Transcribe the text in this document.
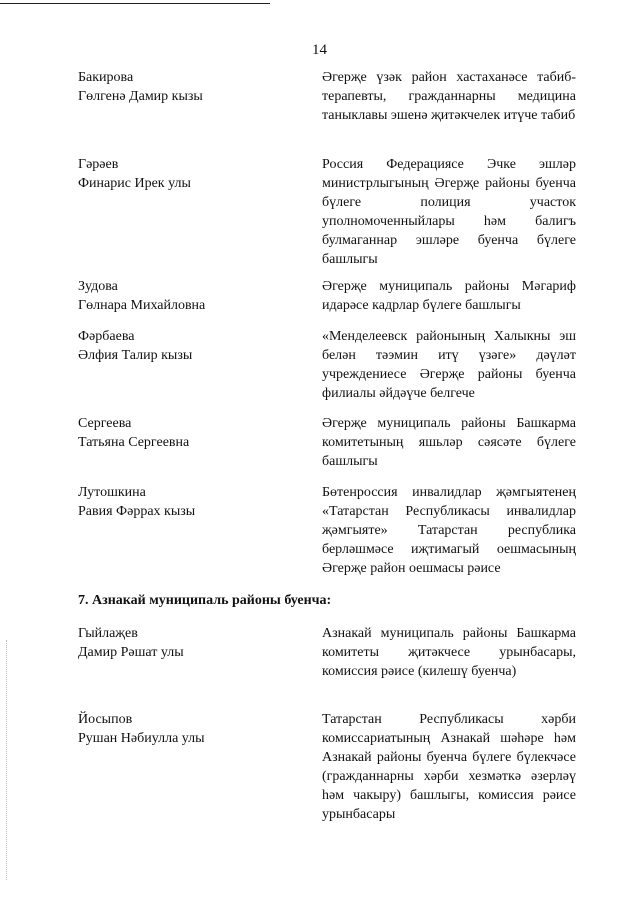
14
Бакирова
Гөлгенә Дамир кызы
Әгерҗе үзәк район хастаханәсе табиб-терапевты, гражданнарны медицина таныклавы эшенә җитәкчелек итүче табиб
Гәрәев
Финарис Ирек улы
Россия Федерациясе Эчке эшләр министрлыгының Әгерҗе районы буенча бүлеге полиция участок уполномоченныйлары һәм балигъ булмаганнар эшләре буенча бүлеге башлыгы
Зудова
Гөлнара Михайловна
Әгерҗе муниципаль районы Мәгариф идарәсе кадрлар бүлеге башлыгы
Фәрбаева
Әлфия Талир кызы
«Менделеевск районының Халыкны эш белән тәэмин итү үзәге» дәүләт учреждениесе Әгерҗе районы буенча филиалы әйдәүче белгече
Сергеева
Татьяна Сергеевна
Әгерҗе муниципаль районы Башкарма комитетының яшьләр сәясәте бүлеге башлыгы
Лутошкина
Равия Фәррах кызы
Бөтенроссия инвалидлар җәмгыятенең «Татарстан Республикасы инвалидлар җәмгыяте» Татарстан республика берләшмәсе иҗтимагый оешмасының Әгерҗе район оешмасы рәисе
7. Азнакай муниципаль районы буенча:
Гыйлаҗев
Дамир Рәшат улы
Азнакай муниципаль районы Башкарма комитеты җитәкчесе урынбасары, комиссия рәисе (килешү буенча)
Йосыпов
Рушан Нәбиулла улы
Татарстан Республикасы хәрби комиссариатының Азнакай шәһәре һәм Азнакай районы буенча бүлеге бүлекчәсе (гражданнарны хәрби хезмәткә әзерләү һәм чакыру) башлыгы, комиссия рәисе урынбасары
